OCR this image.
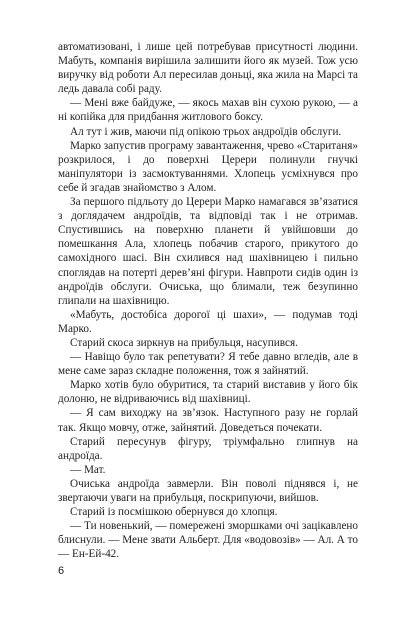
автоматизовані, і лише цей потребував присутності людини. Мабуть, компанія вирішила залишити його як музей. Тож усю виручку від роботи Ал пересилав доньці, яка жила на Марсі та ледь давала собі раду.

— Мені вже байдуже, — якось махав він сухою рукою, — а ні копійка для придбання житлового боксу.

Ал тут і жив, маючи під опікою трьох андроїдів обслуги.

Марко запустив програму завантаження, чрево «Стаританя» розкрилося, і до поверхні Церери полинули гнучкі маніпулятори із засмоктуваннями. Хлопець усміхнувся про себе й згадав знайомство з Алом.

За першого підльоту до Церери Марко намагався зв’язатися з доглядачем андроїдів, та відповіді так і не отримав. Спустившись на поверхню планети й увійшовши до помешкання Ала, хлопець побачив старого, прикутого до самохідного шасі. Він схилився над шахівницею і пильно споглядав на потерті дерев’яні фігури. Навпроти сидів один із андроїдів обслуги. Очиська, що блимали, теж безупинно глипали на шахівницю.

«Мабуть, достобіса дорогої ці шахи», — подумав тоді Марко.

Старий скоса зиркнув на прибульця, насупився.

— Навіщо було так репетувати? Я тебе давно вгледів, але в мене саме зараз складне положення, тож я зайнятий.

Марко хотів було обуритися, та старий виставив у його бік долоню, не відриваючись від шахівниці.

— Я сам виходжу на зв’язок. Наступного разу не горлай так. Якщо мовчу, отже, зайнятий. Доведеться почекати.

Старий пересунув фігуру, тріумфально глипнув на андроїда.

— Мат.

Очиська андроїда завмерли. Він поволі піднявся і, не звертаючи уваги на прибульця, поскрипуючи, вийшов.

Старий із посмішкою обернувся до хлопця.

— Ти новенький, — помережені зморшками очі зацікавлено блиснули. — Мене звати Альберт. Для «водовозів» — Ал. А то — Ен-Ей-42.

6
